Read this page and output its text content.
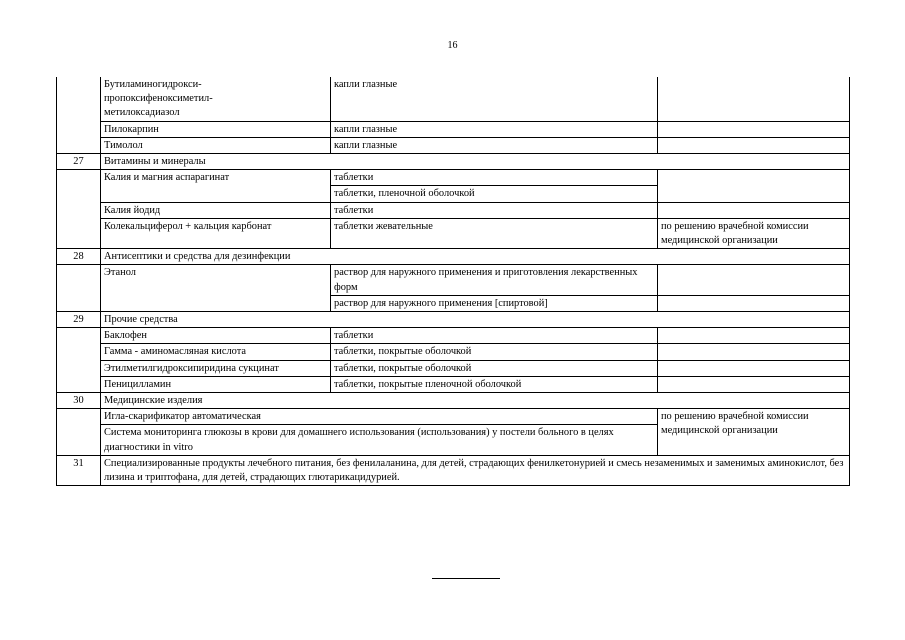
16
	Бутиламиногидрокси-
пропоксифеноксиметил-
метилоксадиазол	капли глазные	
	Пилокарпин	капли глазные	
	Тимолол	капли глазные	
27	Витамины и минералы		
	Калия и магния аспарагинат	таблетки	
		таблетки, пленочной оболочкой	
	Калия йодид	таблетки	
	Колекальциферол + кальция карбонат	таблетки жевательные	по решению врачебной комиссии медицинской организации
28	Антисептики и средства для дезинфекции		
	Этанол	раствор для наружного применения и приготовления лекарственных форм	
		раствор для наружного применения [спиртовой]	
29	Прочие средства		
	Баклофен	таблетки	
	Гамма - аминомасляная кислота	таблетки, покрытые оболочкой	
	Этилметилгидроксипиридина сукцинат	таблетки, покрытые оболочкой	
	Пеницилламин	таблетки, покрытые пленочной оболочкой	
30	Медицинские изделия		
	Игла-скарификатор автоматическая		по решению врачебной комиссии медицинской организации
	Система мониторинга глюкозы в крови для домашнего использования (использования) у постели больного в целях диагностики in vitro		
31	Специализированные продукты лечебного питания, без фенилаланина, для детей, страдающих фенилкетонурией и смесь незаменимых и заменимых аминокислот, без лизина и триптофана, для детей, страдающих глютарикацидурией.		
